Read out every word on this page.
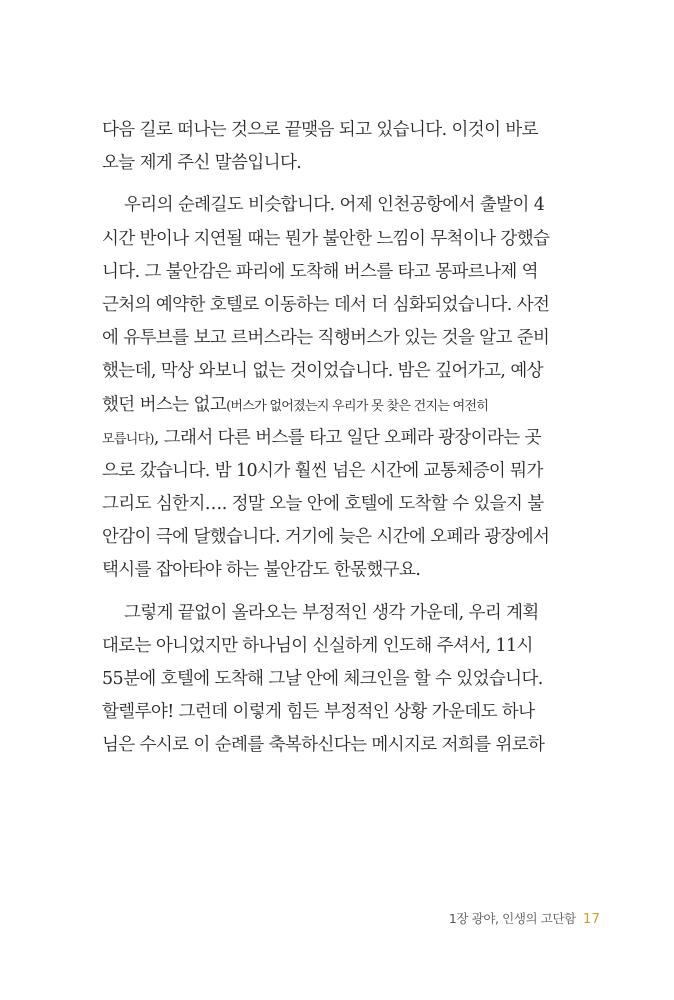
다음 길로 떠나는 것으로 끝맺음 되고 있습니다. 이것이 바로
오늘 제게 주신 말씀입니다.
우리의 순례길도 비슷합니다. 어제 인천공항에서 출발이 4
시간 반이나 지연될 때는 뭔가 불안한 느낌이 무척이나 강했습
니다. 그 불안감은 파리에 도착해 버스를 타고 몽파르나제 역
근처의 예약한 호텔로 이동하는 데서 더 심화되었습니다. 사전
에 유투브를 보고 르버스라는 직행버스가 있는 것을 알고 준비
했는데, 막상 와보니 없는 것이었습니다. 밤은 깊어가고, 예상
했던 버스는 없고(버스가 없어졌는지 우리가 못 찾은 건지는 여전히
모릅니다), 그래서 다른 버스를 타고 일단 오페라 광장이라는 곳
으로 갔습니다. 밤 10시가 훨씬 넘은 시간에 교통체증이 뭐가
그리도 심한지…. 정말 오늘 안에 호텔에 도착할 수 있을지 불
안감이 극에 달했습니다. 거기에 늦은 시간에 오페라 광장에서
택시를 잡아타야 하는 불안감도 한몫했구요.
그렇게 끝없이 올라오는 부정적인 생각 가운데, 우리 계획
대로는 아니었지만 하나님이 신실하게 인도해 주셔서, 11시
55분에 호텔에 도착해 그날 안에 체크인을 할 수 있었습니다.
할렐루야! 그런데 이렇게 힘든 부정적인 상황 가운데도 하나
님은 수시로 이 순례를 축복하신다는 메시지로 저희를 위로하
1장 광야, 인생의 고단함 17
